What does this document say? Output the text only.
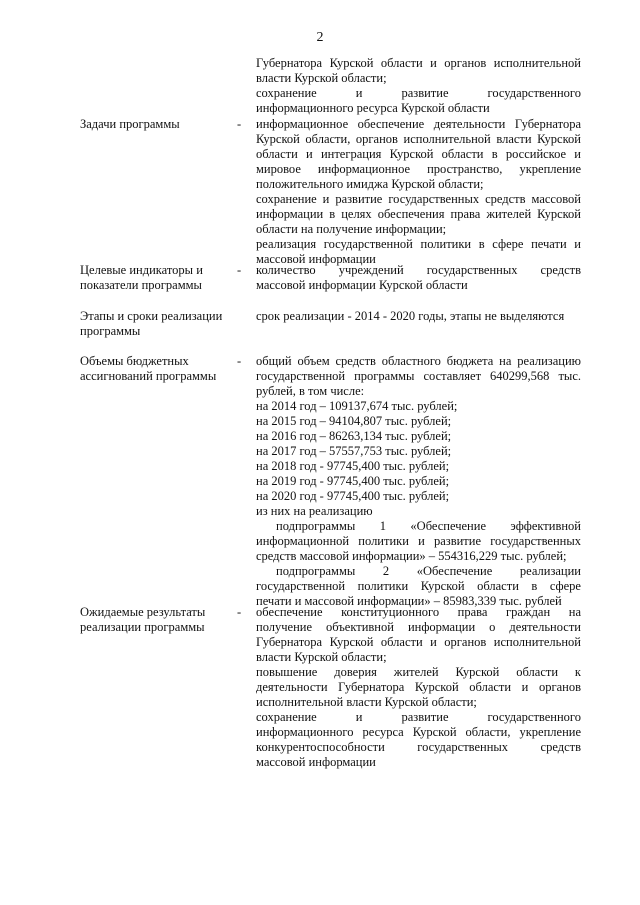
2
Губернатора Курской области и органов исполнительной
власти Курской области;
сохранение и развитие государственного
информационного ресурса Курской области
Задачи программы	- информационное обеспечение деятельности Губернатора
Курской области, органов исполнительной власти Курской
области и интеграция Курской области в российское и
мировое информационное пространство, укрепление
положительного имиджа Курской области;
сохранение и развитие государственных средств массовой
информации в целях обеспечения права жителей Курской
области на получение информации;
реализация государственной политики в сфере печати и
массовой информации
Целевые индикаторы и
показатели программы
- количество учреждений государственных средств
массовой информации Курской области
Этапы и сроки реализации
программы
срок реализации - 2014 - 2020 годы, этапы не выделяются
Объемы бюджетных
ассигнований программы
- общий объем средств областного бюджета на реализацию
государственной программы составляет 640299,568 тыс.
рублей, в том числе:
на 2014 год – 109137,674 тыс. рублей;
на 2015 год – 94104,807 тыс. рублей;
на 2016 год – 86263,134 тыс. рублей;
на 2017 год – 57557,753 тыс. рублей;
на 2018 год - 97745,400 тыс. рублей;
на 2019 год - 97745,400 тыс. рублей;
на 2020 год - 97745,400 тыс. рублей;
из них на реализацию
подпрограммы 1 «Обеспечение эффективной
информационной политики и развитие государственных
средств массовой информации» – 554316,229 тыс. рублей;
подпрограммы 2 «Обеспечение реализации
государственной политики Курской области в сфере
печати и массовой информации» – 85983,339 тыс. рублей
Ожидаемые результаты
реализации программы
- обеспечение конституционного права граждан на
получение объективной информации о деятельности
Губернатора Курской области и органов исполнительной
власти Курской области;
повышение доверия жителей Курской области к
деятельности Губернатора Курской области и органов
исполнительной власти Курской области;
сохранение и развитие государственного
информационного ресурса Курской области, укрепление
конкурентоспособности государственных средств
массовой информации
